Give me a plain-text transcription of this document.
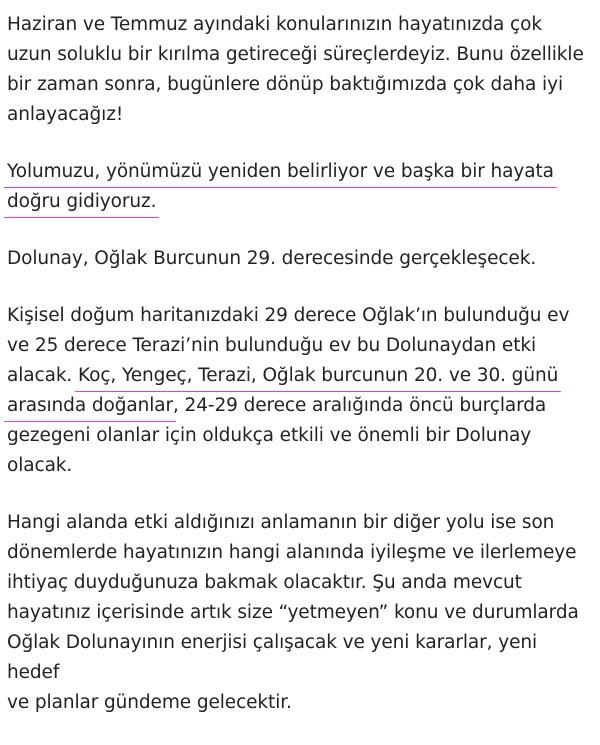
Haziran ve Temmuz ayındaki konularınızın hayatınızda çok
uzun soluklu bir kırılma getireceği süreçlerdeyiz. Bunu özellikle
bir zaman sonra, bugünlere dönüp baktığımızda çok daha iyi
anlayacağız!

Yolumuzu, yönümüzü yeniden belirliyor ve başka bir hayata
doğru gidiyoruz.

Dolunay, Oğlak Burcunun 29. derecesinde gerçekleşecek.

Kişisel doğum haritanızdaki 29 derece Oğlak’ın bulunduğu ev
ve 25 derece Terazi’nin bulunduğu ev bu Dolunaydan etki
alacak. Koç, Yengeç, Terazi, Oğlak burcunun 20. ve 30. günü
arasında doğanlar, 24-29 derece aralığında öncü burçlarda
gezegeni olanlar için oldukça etkili ve önemli bir Dolunay
olacak.

Hangi alanda etki aldığınızı anlamanın bir diğer yolu ise son
dönemlerde hayatınızın hangi alanında iyileşme ve ilerlemeye
ihtiyaç duyduğunuza bakmak olacaktır. Şu anda mevcut
hayatınız içerisinde artık size “yetmeyen” konu ve durumlarda
Oğlak Dolunayının enerjisi çalışacak ve yeni kararlar, yeni hedef
ve planlar gündeme gelecektir.
